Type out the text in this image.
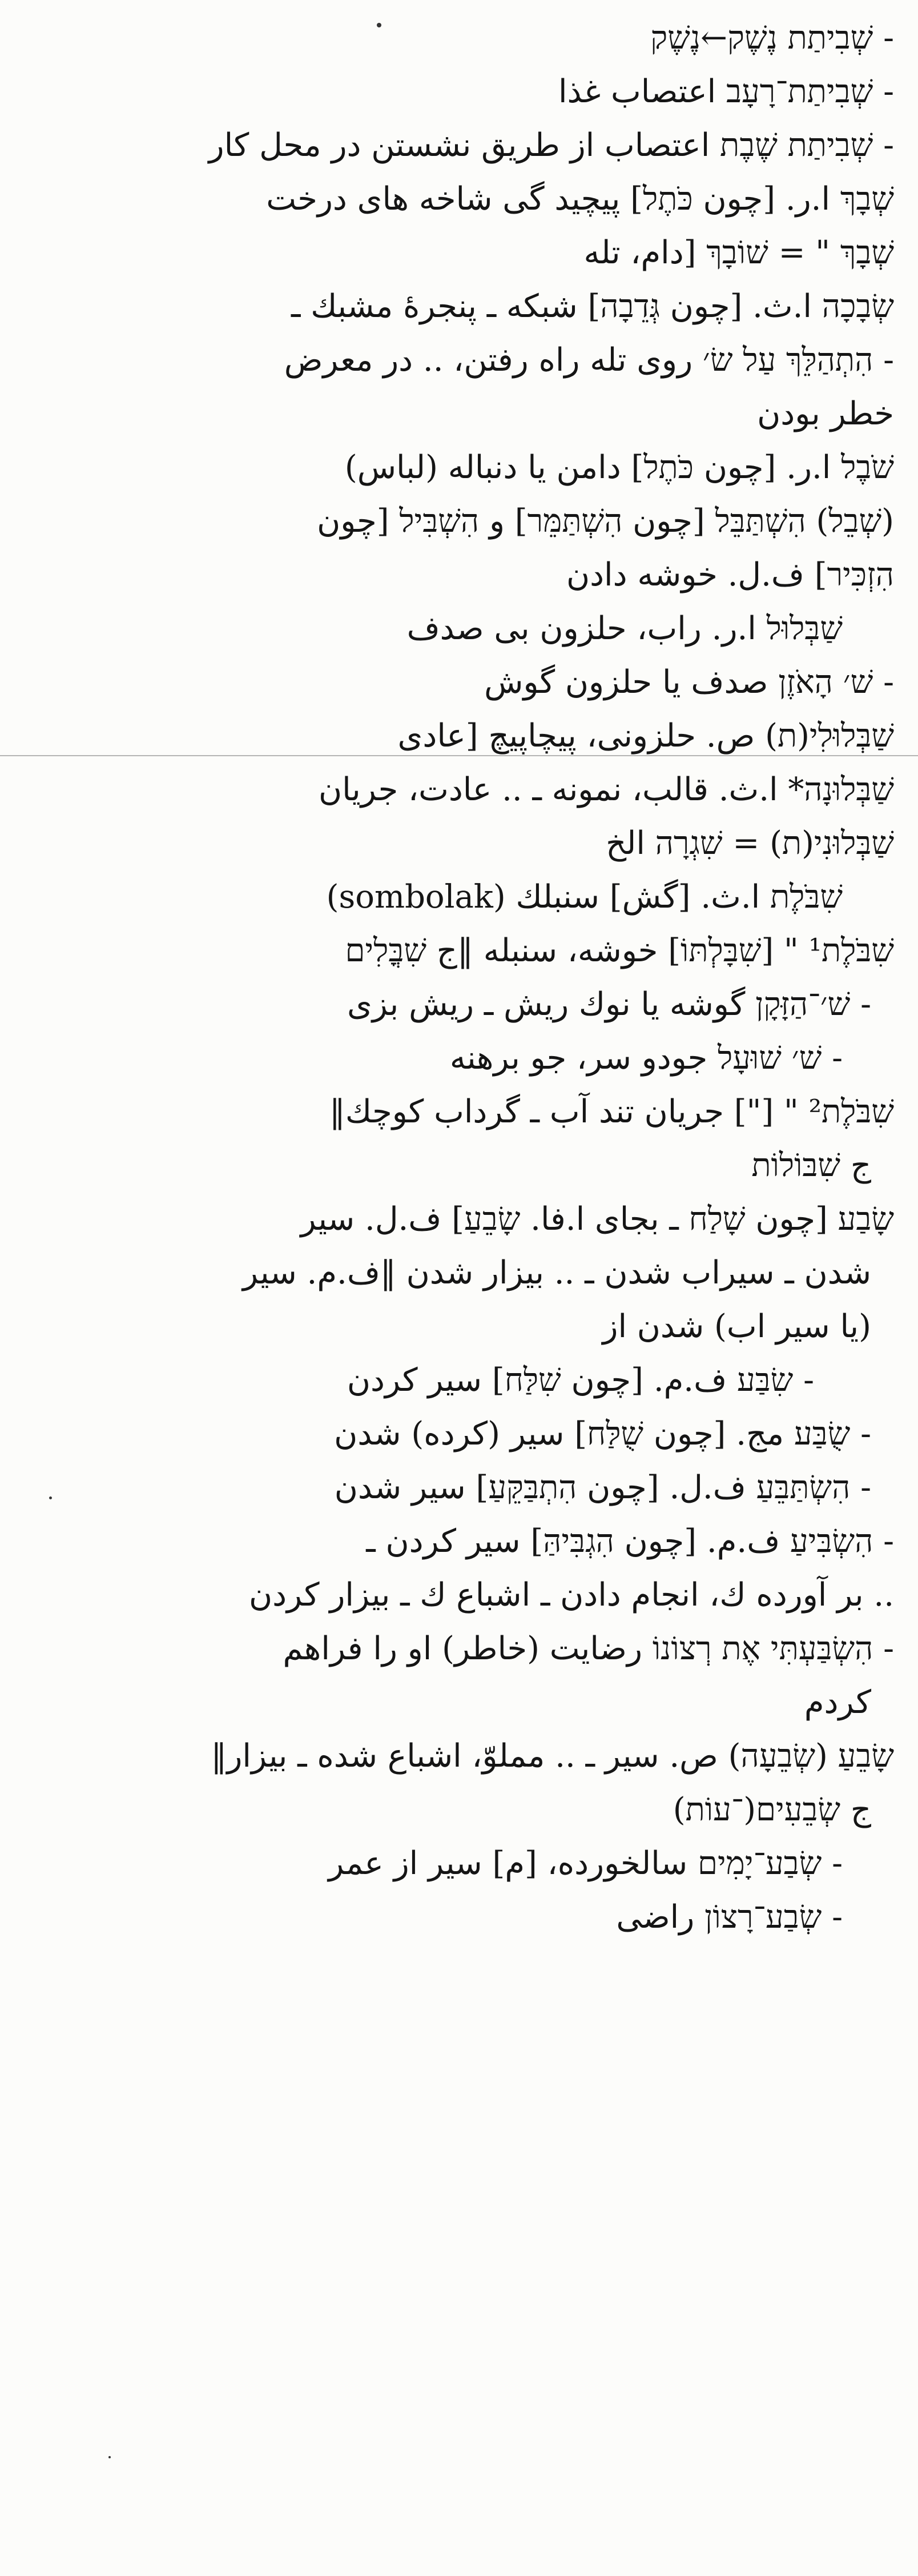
- שְׁבִיתַת נֶשֶׁק←נֶשֶׁק
- שְׁבִיתַת־רָעָב اعتصاب غذا
- שְׁבִיתַת שֶׁבֶת اعتصاب از طریق نشستن در محل کار
שְׁבָךְ ا.ر. [چون כֹּתֶל] پیچید گی شاخه های درخت
שְׁבָךְ " = שׁוֹבָךְ [دام، تله
שְׂבָכָה ا.ث. [چون גְּדֵבָה] شبکه ـ پنجرهٔ مشبك ـ
- הִתְהַלֵּךְ עַל שׂ׳ روی تله راه رفتن، .. در معرض
خطر بودن
שֹׁבֶל ا.ر. [چون כֹּתֶל] دامن یا دنباله (لباس)
(שְׁבֵל) הִשְׁתַּבֵּל [چون הִשְׁתַּמֵּר] و הִשְׁבִּיל [چون
הִזְכִּיר] ف.ل. خوشه دادن
שַׁבְּלוּל ا.ر. راب، حلزون بی صدف
- שׁ׳ הָאֹזֶן صدف یا حلزون گوش
שַׁבְּלוּלִי(ת) ص. حلزونی، پیچاپیچ [عادی
שַׁבְּלוּנָה* ا.ث. قالب، نمونه ـ .. عادت، جریان
שַׁבְּלוּנִי(ת) = שִׁגְרָה الخ
שִׁבֹּלֶת ا.ث. [گش] سنبلك (sombolak)
שִׁבֹּלֶת¹ " [שִׁבָּלְתּוֹ] خوشه، سنبله ‖ج שִׁבֳּלִים
- שׁ׳־הַזָּקָן گوشه یا نوك ریش ـ ریش بزی
- שׁ׳ שׁוּעָל جودو سر، جو برهنه
שִׁבֹּלֶת² " ["] جریان تند آب ـ گرداب کوچك‖
ج שִׁבּוֹלוֹת
שָׂבַע [چون שָׁלַח ـ بجای ا.فا. שָׂבֵעַ] ف.ل. سیر
شدن ـ سیراب شدن ـ .. بیزار شدن ‖ف.م. سیر
(یا سیر اب) شدن از
- שִׂבַּע ف.م. [چون שִׁלַּח] سیر کردن
- שֻׂבַּע مج. [چون שֻׁלַּח] سیر (کرده) شدن
- הִשְׂתַּבֵּעַ ف.ل. [چون הִתְבַּקֵּעַ] سیر شدن
- הִשְׂבִּיעַ ف.م. [چون הִגְבִּיהַּ] سیر کردن ـ
.. بر آورده ك، انجام دادن ـ اشباع ك ـ بیزار کردن
- הִשְׂבַּעְתִּי אֶת רְצוֹנוֹ رضایت (خاطر) او را فراهم
کردم
שָׂבֵעַ (שְׂבֵעָה) ص. سیر ـ .. مملوّ، اشباع شده ـ بیزار‖
ج שְׂבֵעִים(־עוֹת)
- שְׂבַע־יָמִים سالخورده، [م] سیر از عمر
- שְׂבַע־רָצוֹן راضی
